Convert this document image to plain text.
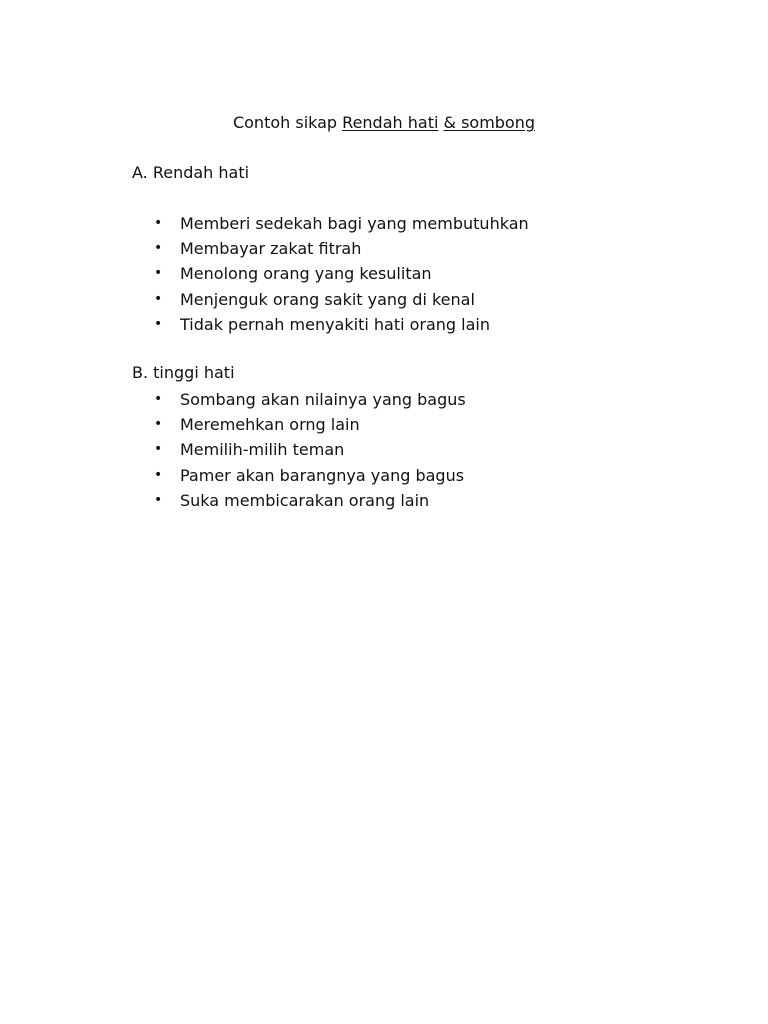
Contoh sikap Rendah hati & sombong
A. Rendah hati
•	Memberi sedekah bagi yang membutuhkan
•	Membayar zakat fitrah
•	Menolong orang yang kesulitan
•	Menjenguk orang sakit yang di kenal
•	Tidak pernah menyakiti hati orang lain
B. tinggi hati
•	Sombang akan nilainya yang bagus
•	Meremehkan orng lain
•	Memilih-milih teman
•	Pamer akan barangnya yang bagus
•	Suka membicarakan orang lain
